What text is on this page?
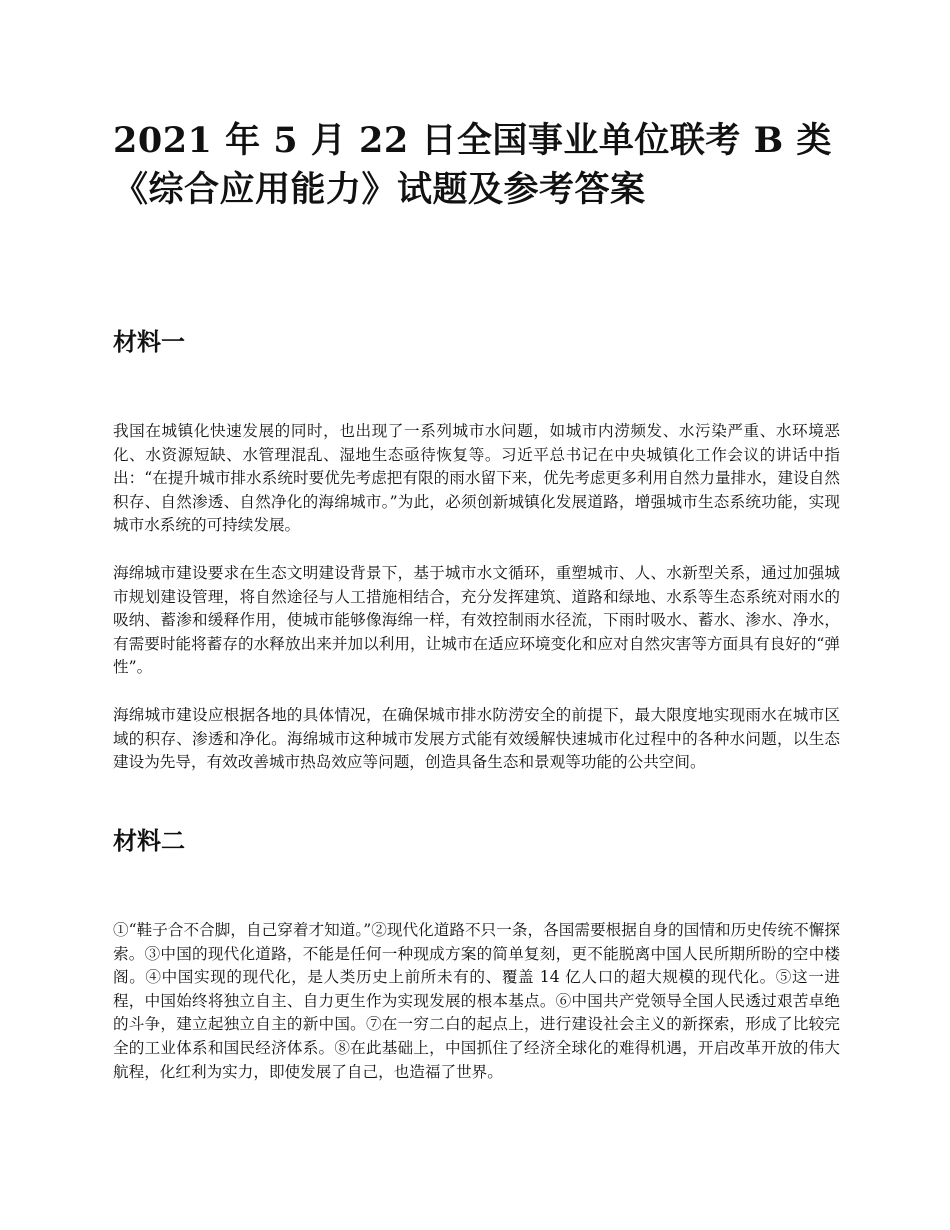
2021 年 5 月 22 日全国事业单位联考 B 类
《综合应用能力》试题及参考答案
材料一

我国在城镇化快速发展的同时，也出现了一系列城市水问题，如城市内涝频发、水污染严重、水环境恶化、水资源短缺、水管理混乱、湿地生态亟待恢复等。习近平总书记在中央城镇化工作会议的讲话中指出：“在提升城市排水系统时要优先考虑把有限的雨水留下来，优先考虑更多利用自然力量排水，建设自然积存、自然渗透、自然净化的海绵城市。”为此，必须创新城镇化发展道路，增强城市生态系统功能，实现城市水系统的可持续发展。

海绵城市建设要求在生态文明建设背景下，基于城市水文循环，重塑城市、人、水新型关系，通过加强城市规划建设管理，将自然途径与人工措施相结合，充分发挥建筑、道路和绿地、水系等生态系统对雨水的吸纳、蓄渗和缓释作用，使城市能够像海绵一样，有效控制雨水径流，下雨时吸水、蓄水、渗水、净水，有需要时能将蓄存的水释放出来并加以利用，让城市在适应环境变化和应对自然灾害等方面具有良好的“弹性”。

海绵城市建设应根据各地的具体情况，在确保城市排水防涝安全的前提下，最大限度地实现雨水在城市区域的积存、渗透和净化。海绵城市这种城市发展方式能有效缓解快速城市化过程中的各种水问题，以生态建设为先导，有效改善城市热岛效应等问题，创造具备生态和景观等功能的公共空间。

材料二

①“鞋子合不合脚，自己穿着才知道。”②现代化道路不只一条，各国需要根据自身的国情和历史传统不懈探索。③中国的现代化道路，不能是任何一种现成方案的简单复刻，更不能脱离中国人民所期所盼的空中楼阁。④中国实现的现代化，是人类历史上前所未有的、覆盖 14 亿人口的超大规模的现代化。⑤这一进程，中国始终将独立自主、自力更生作为实现发展的根本基点。⑥中国共产党领导全国人民透过艰苦卓绝的斗争，建立起独立自主的新中国。⑦在一穷二白的起点上，进行建设社会主义的新探索，形成了比较完全的工业体系和国民经济体系。⑧在此基础上，中国抓住了经济全球化的难得机遇，开启改革开放的伟大航程，化红利为实力，即使发展了自己，也造福了世界。
